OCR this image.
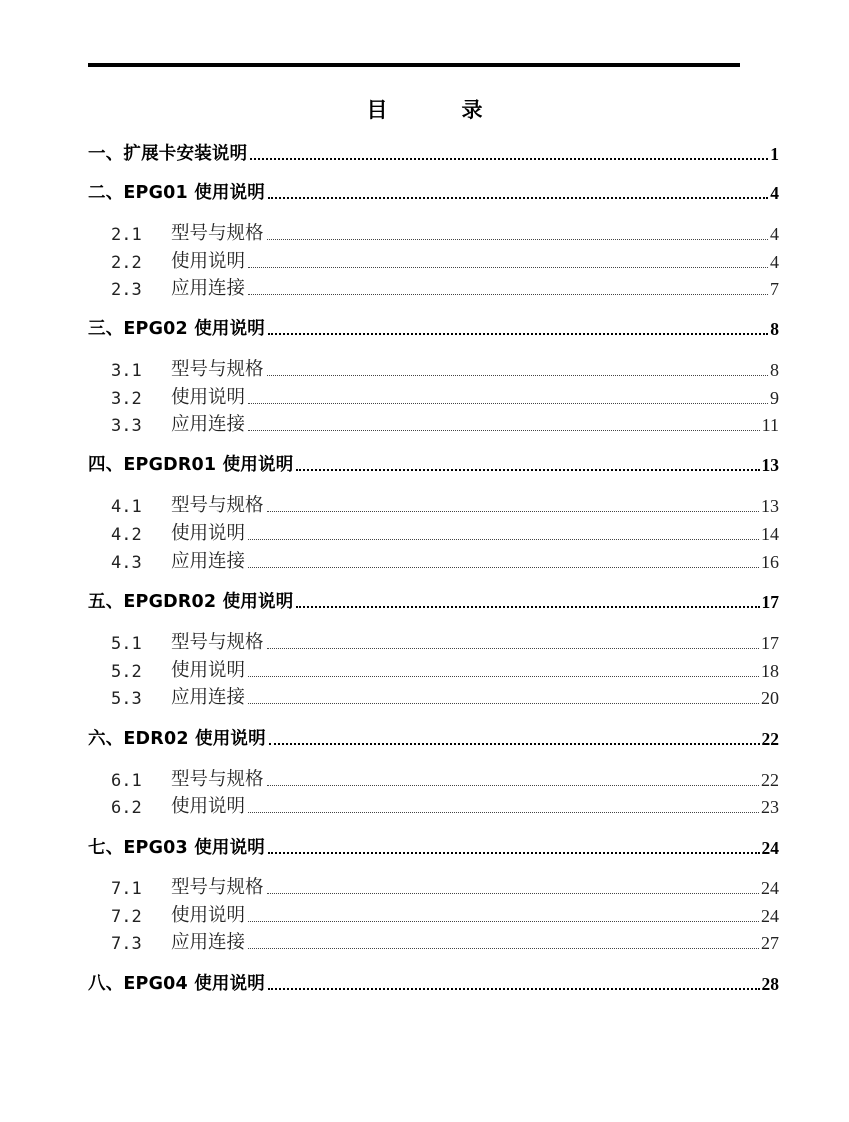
目	录
一、扩展卡安装说明	1
二、EPG01 使用说明	4
2.1	型号与规格	4
2.2	使用说明	4
2.3	应用连接	7
三、EPG02 使用说明	8
3.1	型号与规格	8
3.2	使用说明	9
3.3	应用连接	11
四、EPGDR01 使用说明	13
4.1	型号与规格	13
4.2	使用说明	14
4.3	应用连接	16
五、EPGDR02 使用说明	17
5.1	型号与规格	17
5.2	使用说明	18
5.3	应用连接	20
六、EDR02 使用说明	22
6.1	型号与规格	22
6.2	使用说明	23
七、EPG03 使用说明	24
7.1	型号与规格	24
7.2	使用说明	24
7.3	应用连接	27
八、EPG04 使用说明	28
